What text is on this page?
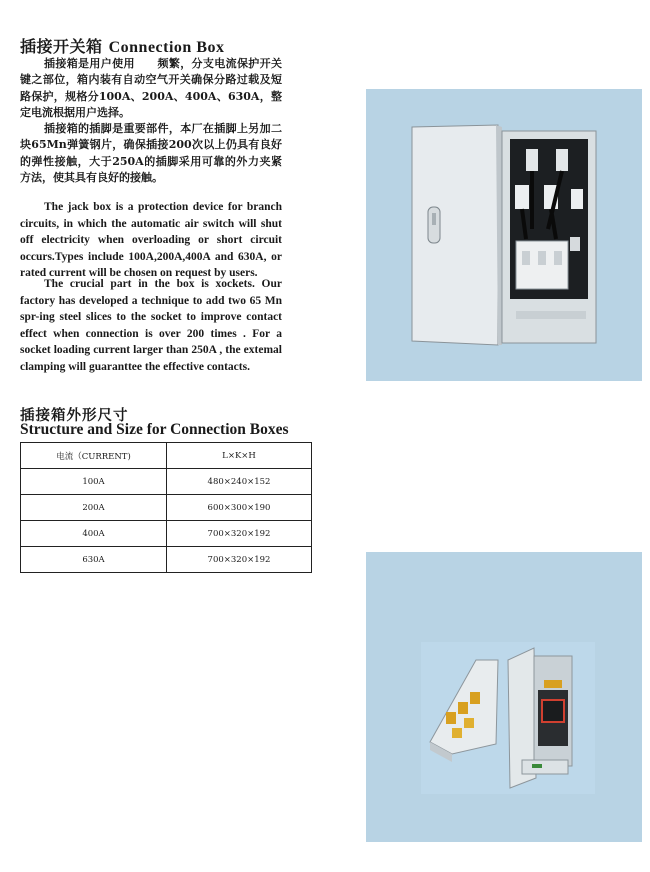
插接开关箱 Connection Box
插接箱是用户使用　　频繁，分支电流保护开关键之部位，箱内装有自动空气开关确保分路过载及短路保护，规格分100A、200A、400A、630A，整定电流根据用户选择。
插接箱的插脚是重要部件，本厂在插脚上另加二块65Mn弹簧钢片，确保插接200次以上仍具有良好的弹性接触，大于250A的插脚采用可靠的外力夹紧方法，使其具有良好的接触。
The jack box is a protection device for branch circuits, in which the automatic air switch will shut off electricity when overloading or short circuit occurs.Types include 100A,200A,400A and 630A, or rated current will be chosen on request by users.
The crucial part in the box is xockets. Our factory has developed a technique to add two 65 Mn spr-ing steel slices to the socket to improve contact effect when connection is over 200 times . For a socket loading current larger than 250A , the extemal clamping will guaranttee the effective contacts.
插接箱外形尺寸
Structure and Size for Connection Boxes
电流（CURRENT)	L×K×H
100A	480×240×152
200A	600×300×190
400A	700×320×192
630A	700×320×192
